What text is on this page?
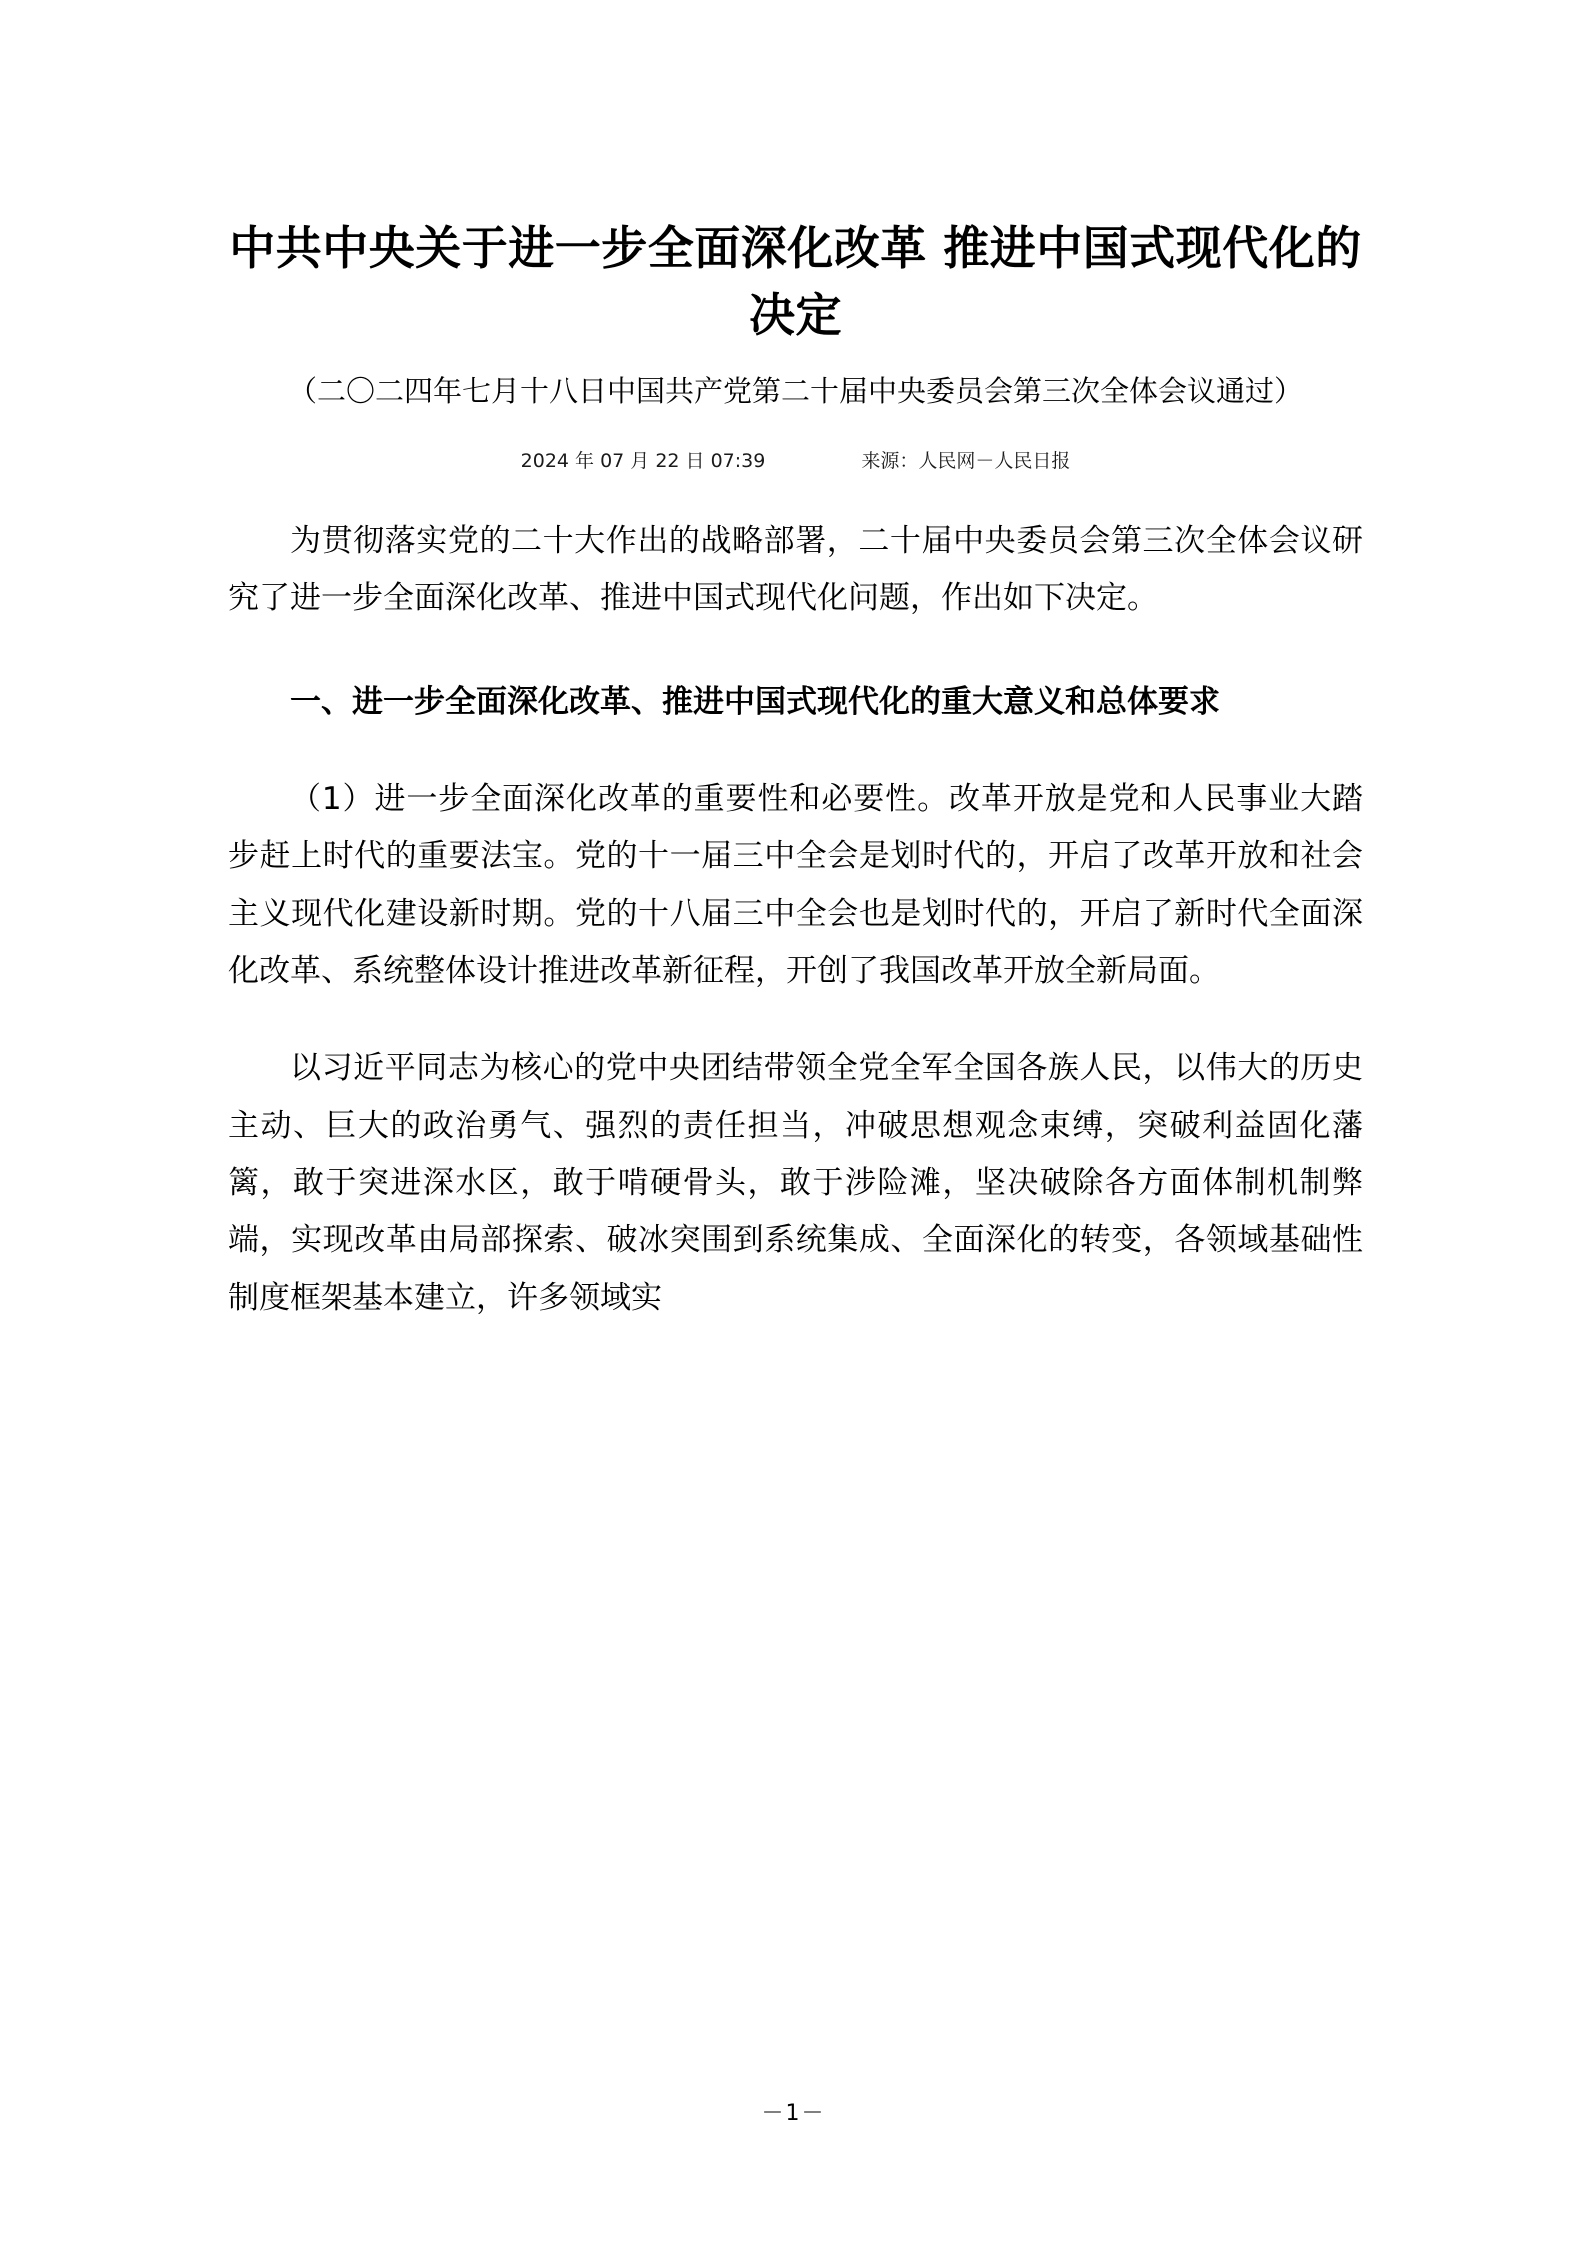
中共中央关于进一步全面深化改革 推进中国式现代化的决定
（二〇二四年七月十八日中国共产党第二十届中央委员会第三次全体会议通过）
2024 年 07 月 22 日 07:39	来源：人民网－人民日报

为贯彻落实党的二十大作出的战略部署，二十届中央委员会第三次全体会议研究了进一步全面深化改革、推进中国式现代化问题，作出如下决定。

一、进一步全面深化改革、推进中国式现代化的重大意义和总体要求

（1）进一步全面深化改革的重要性和必要性。改革开放是党和人民事业大踏步赶上时代的重要法宝。党的十一届三中全会是划时代的，开启了改革开放和社会主义现代化建设新时期。党的十八届三中全会也是划时代的，开启了新时代全面深化改革、系统整体设计推进改革新征程，开创了我国改革开放全新局面。

以习近平同志为核心的党中央团结带领全党全军全国各族人民，以伟大的历史主动、巨大的政治勇气、强烈的责任担当，冲破思想观念束缚，突破利益固化藩篱，敢于突进深水区，敢于啃硬骨头，敢于涉险滩，坚决破除各方面体制机制弊端，实现改革由局部探索、破冰突围到系统集成、全面深化的转变，各领域基础性制度框架基本建立，许多领域实

－1－
